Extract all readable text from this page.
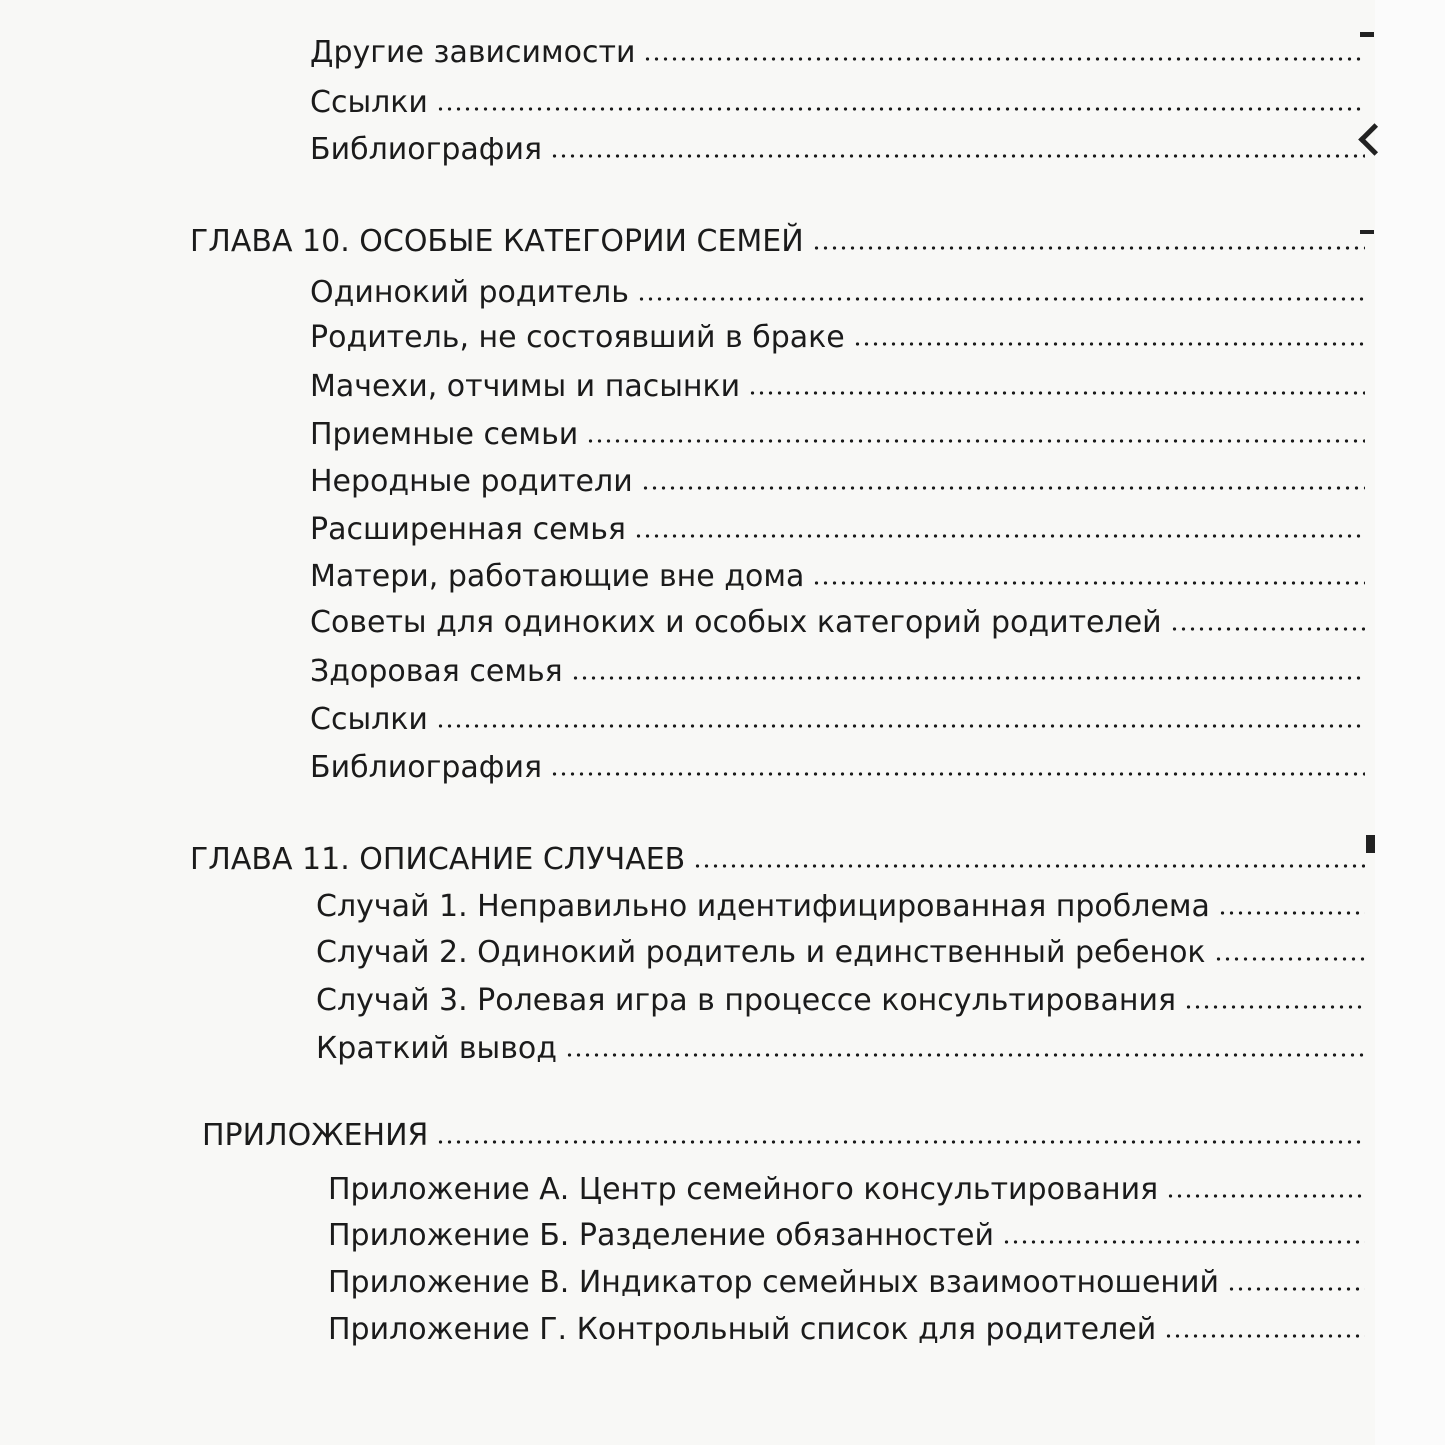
Другие зависимости
Ссылки
Библиография
ГЛАВА 10. ОСОБЫЕ КАТЕГОРИИ СЕМЕЙ
Одинокий родитель
Родитель, не состоявший в браке
Мачехи, отчимы и пасынки
Приемные семьи
Неродные родители
Расширенная семья
Матери, работающие вне дома
Советы для одиноких и особых категорий родителей
Здоровая семья
Ссылки
Библиография
ГЛАВА 11. ОПИСАНИЕ СЛУЧАЕВ
Случай 1. Неправильно идентифицированная проблема
Случай 2. Одинокий родитель и единственный ребенок
Случай 3. Ролевая игра в процессе консультирования
Краткий вывод
ПРИЛОЖЕНИЯ
Приложение А. Центр семейного консультирования
Приложение Б. Разделение обязанностей
Приложение В. Индикатор семейных взаимоотношений
Приложение Г. Контрольный список для родителей
